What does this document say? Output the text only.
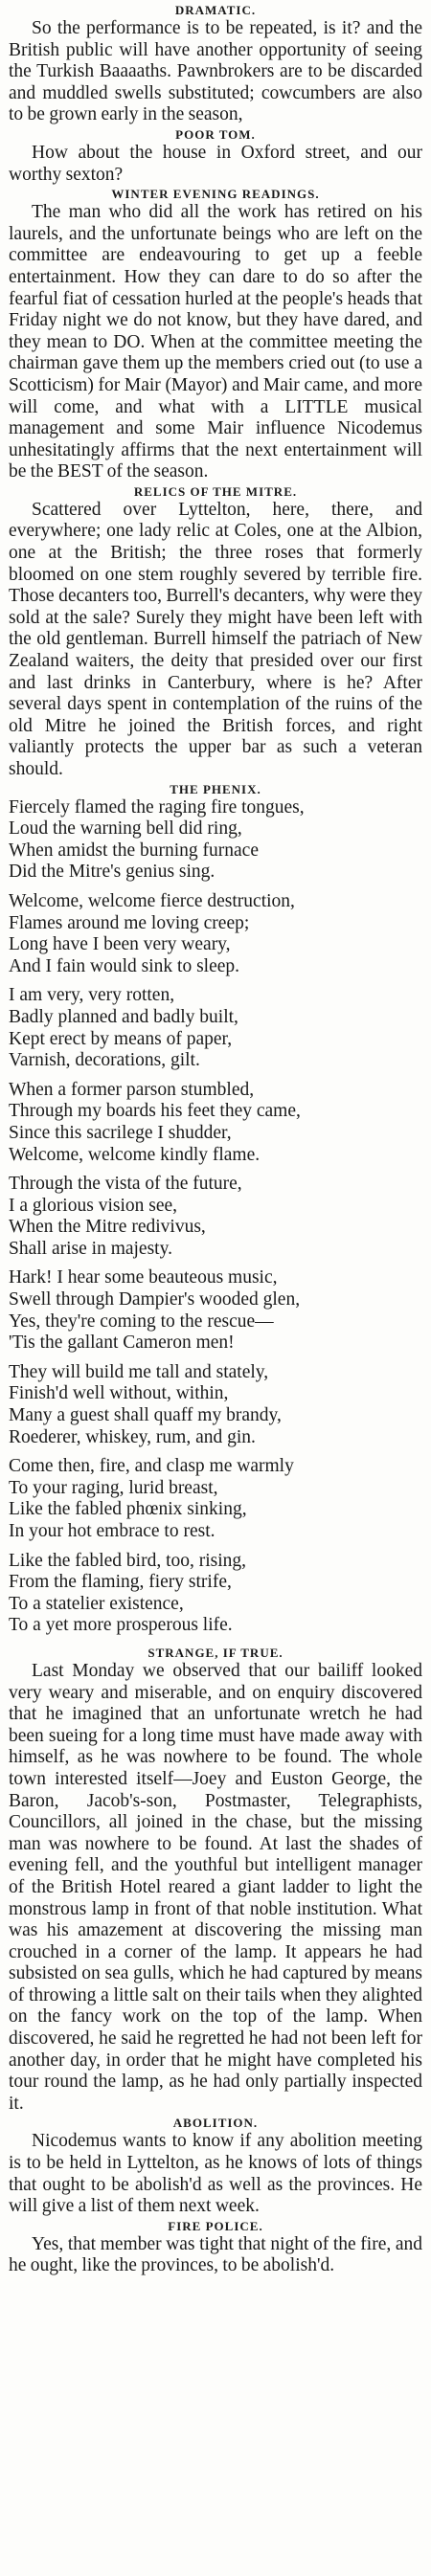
DRAMATIC.

So the performance is to be repeated, is it? and the British public will have another opportunity of seeing the Turkish Baaaaths. Pawnbrokers are to be discarded and muddled swells substituted; cowcumbers are also to be grown early in the season,

POOR TOM.

How about the house in Oxford street, and our worthy sexton?

WINTER EVENING READINGS.

The man who did all the work has retired on his laurels, and the unfortunate beings who are left on the committee are endeavouring to get up a feeble entertainment. How they can dare to do so after the fearful fiat of cessation hurled at the people's heads that Friday night we do not know, but they have dared, and they mean to DO. When at the committee meeting the chairman gave them up the members cried out (to use a Scotticism) for Mair (Mayor) and Mair came, and more will come, and what with a LITTLE musical management and some Mair influence Nicodemus unhesitatingly affirms that the next entertainment will be the BEST of the season.

RELICS OF THE MITRE.

Scattered over Lyttelton, here, there, and everywhere; one lady relic at Coles, one at the Albion, one at the British; the three roses that formerly bloomed on one stem roughly severed by terrible fire. Those decanters too, Burrell's decanters, why were they sold at the sale? Surely they might have been left with the old gentleman. Burrell himself the patriach of New Zealand waiters, the deity that presided over our first and last drinks in Canterbury, where is he? After several days spent in contemplation of the ruins of the old Mitre he joined the British forces, and right valiantly protects the upper bar as such a veteran should.

THE PHENIX.
Fiercely flamed the raging fire tongues,
Loud the warning bell did ring,
When amidst the burning furnace
Did the Mitre's genius sing.
Welcome, welcome fierce destruction,
Flames around me loving creep;
Long have I been very weary,
And I fain would sink to sleep.
I am very, very rotten,
Badly planned and badly built,
Kept erect by means of paper,
Varnish, decorations, gilt.
When a former parson stumbled,
Through my boards his feet they came,
Since this sacrilege I shudder,
Welcome, welcome kindly flame.
Through the vista of the future,
I a glorious vision see,
When the Mitre redivivus,
Shall arise in majesty.
Hark! I hear some beauteous music,
Swell through Dampier's wooded glen,
Yes, they're coming to the rescue—
'Tis the gallant Cameron men!
They will build me tall and stately,
Finish'd well without, within,
Many a guest shall quaff my brandy,
Roederer, whiskey, rum, and gin.
Come then, fire, and clasp me warmly
To your raging, lurid breast,
Like the fabled phœnix sinking,
In your hot embrace to rest.
Like the fabled bird, too, rising,
From the flaming, fiery strife,
To a statelier existence,
To a yet more prosperous life.
STRANGE, IF TRUE.

Last Monday we observed that our bailiff looked very weary and miserable, and on enquiry discovered that he imagined that an unfortunate wretch he had been sueing for a long time must have made away with himself, as he was nowhere to be found. The whole town interested itself—Joey and Euston George, the Baron, Jacob's-son, Postmaster, Telegraphists, Councillors, all joined in the chase, but the missing man was nowhere to be found. At last the shades of evening fell, and the youthful but intelligent manager of the British Hotel reared a giant ladder to light the monstrous lamp in front of that noble institution. What was his amazement at discovering the missing man crouched in a corner of the lamp. It appears he had subsisted on sea gulls, which he had captured by means of throwing a little salt on their tails when they alighted on the fancy work on the top of the lamp. When discovered, he said he regretted he had not been left for another day, in order that he might have completed his tour round the lamp, as he had only partially inspected it.

ABOLITION.

Nicodemus wants to know if any abolition meeting is to be held in Lyttelton, as he knows of lots of things that ought to be abolish'd as well as the provinces. He will give a list of them next week.

FIRE POLICE.

Yes, that member was tight that night of the fire, and he ought, like the provinces, to be abolish'd.
